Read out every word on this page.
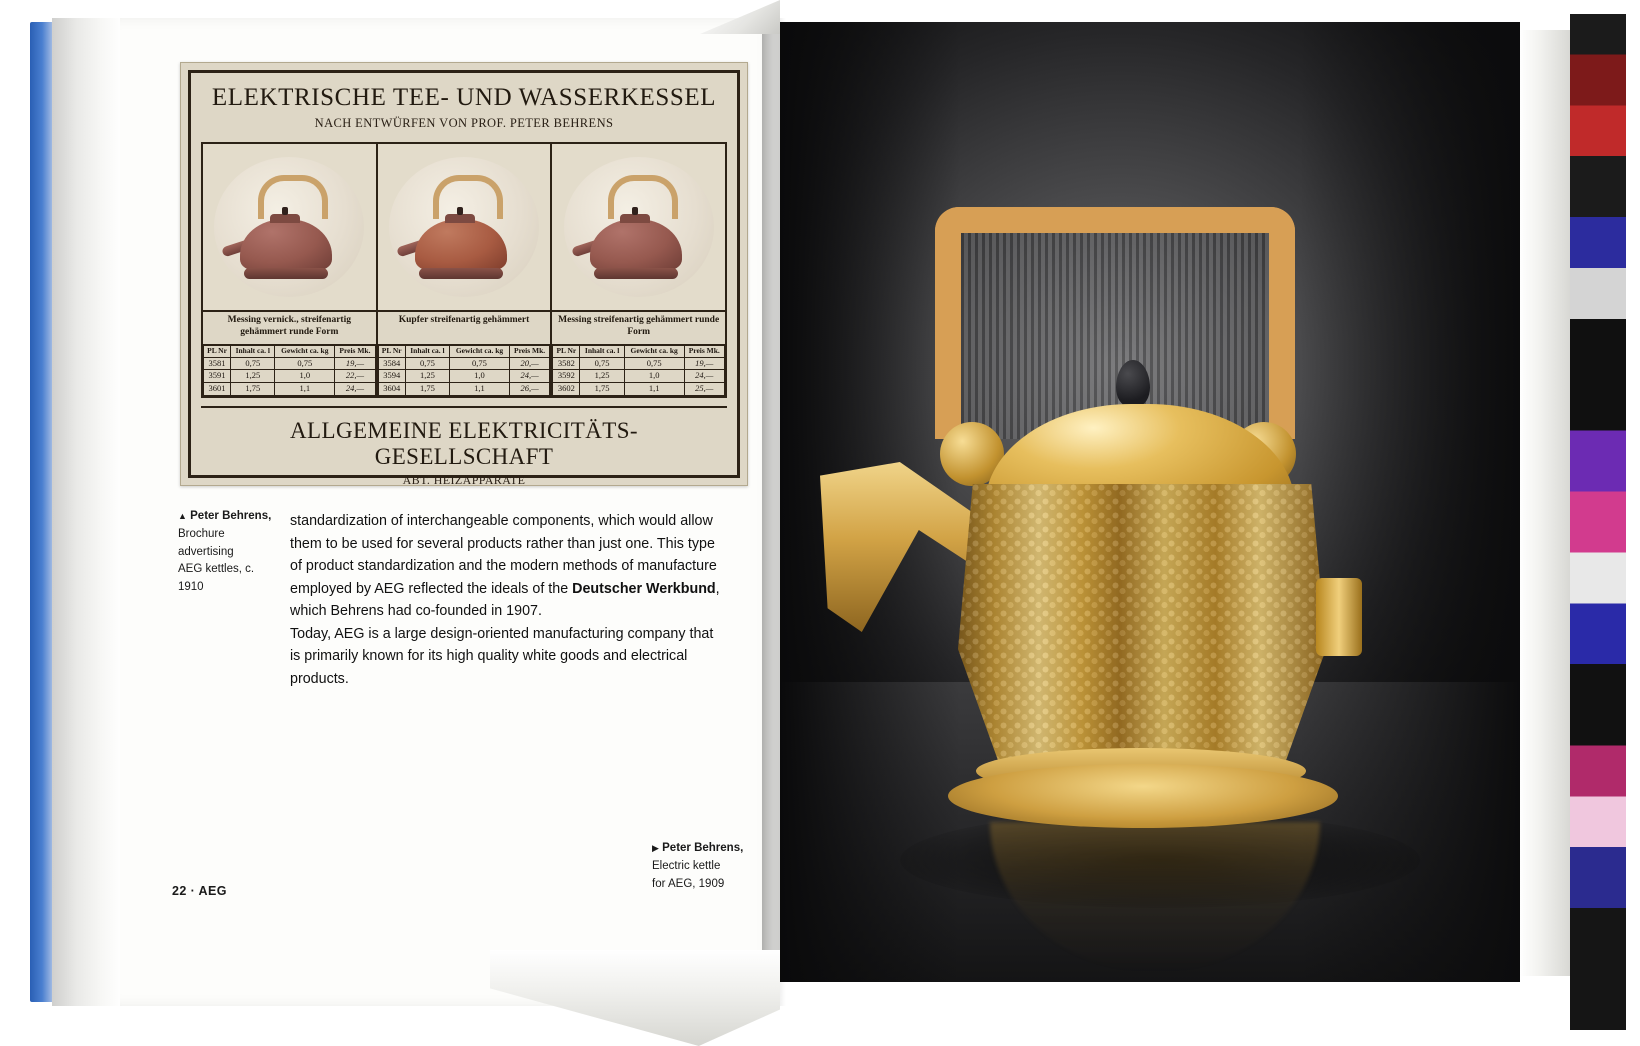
ELEKTRISCHE TEE- UND WASSERKESSEL
NACH ENTWÜRFEN VON PROF. PETER BEHRENS
Messing vernick., streifenartig gehämmert runde Form
PL Nr	Inhalt ca. l	Gewicht ca. kg	Preis Mk.
3581	0,75	0,75	19,—
3591	1,25	1,0	22,—
3601	1,75	1,1	24,—
Kupfer streifenartig gehämmert
PL Nr	Inhalt ca. l	Gewicht ca. kg	Preis Mk.
3584	0,75	0,75	20,—
3594	1,25	1,0	24,—
3604	1,75	1,1	26,—
Messing streifenartig gehämmert runde Form
PL Nr	Inhalt ca. l	Gewicht ca. kg	Preis Mk.
3582	0,75	0,75	19,—
3592	1,25	1,0	24,—
3602	1,75	1,1	25,—
ALLGEMEINE ELEKTRICITÄTS-GESELLSCHAFT
ABT. HEIZAPPARATE
▲ Peter Behrens,
Brochure advertising
AEG kettles, c. 1910

standardization of interchangeable components, which would allow them to be used for several products rather than just one. This type of product standardization and the modern methods of manufacture employed by AEG reflected the ideals of the Deutscher Werkbund, which Behrens had co-founded in 1907.

Today, AEG is a large design-oriented manufacturing company that is primarily known for its high quality white goods and electrical products.

▶ Peter Behrens,
Electric kettle
for AEG, 1909
22 · AEG
